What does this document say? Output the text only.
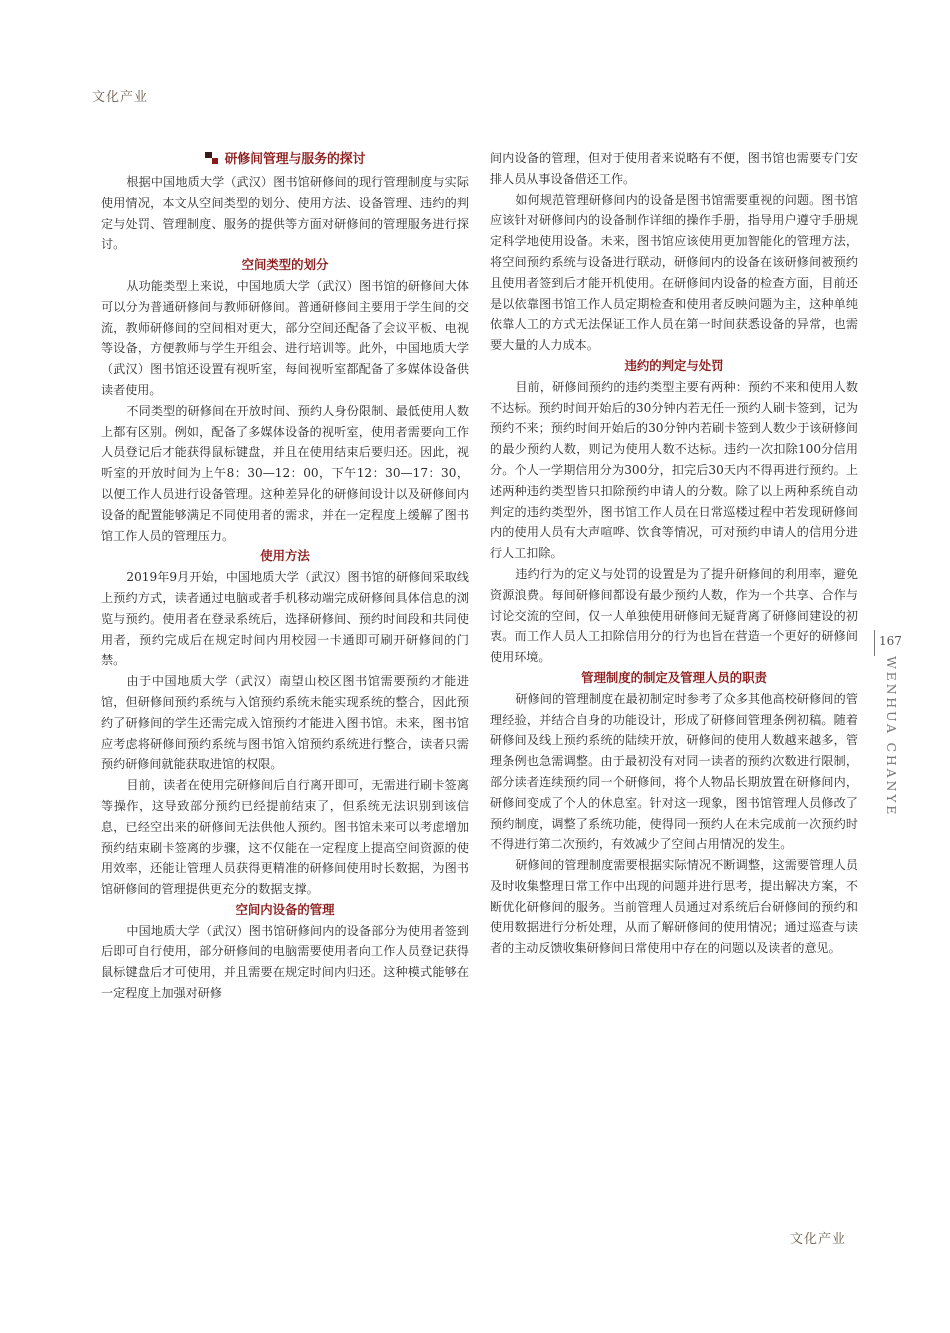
文化产业
研修间管理与服务的探讨

根据中国地质大学（武汉）图书馆研修间的现行管理制度与实际使用情况，本文从空间类型的划分、使用方法、设备管理、违约的判定与处罚、管理制度、服务的提供等方面对研修间的管理服务进行探讨。

空间类型的划分

从功能类型上来说，中国地质大学（武汉）图书馆的研修间大体可以分为普通研修间与教师研修间。普通研修间主要用于学生间的交流，教师研修间的空间相对更大，部分空间还配备了会议平板、电视等设备，方便教师与学生开组会、进行培训等。此外，中国地质大学（武汉）图书馆还设置有视听室，每间视听室都配备了多媒体设备供读者使用。

不同类型的研修间在开放时间、预约人身份限制、最低使用人数上都有区别。例如，配备了多媒体设备的视听室，使用者需要向工作人员登记后才能获得鼠标键盘，并且在使用结束后要归还。因此，视听室的开放时间为上午8：30—12：00，下午12：30—17：30，以便工作人员进行设备管理。这种差异化的研修间设计以及研修间内设备的配置能够满足不同使用者的需求，并在一定程度上缓解了图书馆工作人员的管理压力。

使用方法

2019年9月开始，中国地质大学（武汉）图书馆的研修间采取线上预约方式，读者通过电脑或者手机移动端完成研修间具体信息的浏览与预约。使用者在登录系统后，选择研修间、预约时间段和共同使用者，预约完成后在规定时间内用校园一卡通即可刷开研修间的门禁。

由于中国地质大学（武汉）南望山校区图书馆需要预约才能进馆，但研修间预约系统与入馆预约系统未能实现系统的整合，因此预约了研修间的学生还需完成入馆预约才能进入图书馆。未来，图书馆应考虑将研修间预约系统与图书馆入馆预约系统进行整合，读者只需预约研修间就能获取进馆的权限。

目前，读者在使用完研修间后自行离开即可，无需进行刷卡签离等操作，这导致部分预约已经提前结束了，但系统无法识别到该信息，已经空出来的研修间无法供他人预约。图书馆未来可以考虑增加预约结束刷卡签离的步骤，这不仅能在一定程度上提高空间资源的使用效率，还能让管理人员获得更精准的研修间使用时长数据，为图书馆研修间的管理提供更充分的数据支撑。

空间内设备的管理

中国地质大学（武汉）图书馆研修间内的设备部分为使用者签到后即可自行使用，部分研修间的电脑需要使用者向工作人员登记获得鼠标键盘后才可使用，并且需要在规定时间内归还。这种模式能够在一定程度上加强对研修

间内设备的管理，但对于使用者来说略有不便，图书馆也需要专门安排人员从事设备借还工作。

如何规范管理研修间内的设备是图书馆需要重视的问题。图书馆应该针对研修间内的设备制作详细的操作手册，指导用户遵守手册规定科学地使用设备。未来，图书馆应该使用更加智能化的管理方法，将空间预约系统与设备进行联动，研修间内的设备在该研修间被预约且使用者签到后才能开机使用。在研修间内设备的检查方面，目前还是以依靠图书馆工作人员定期检查和使用者反映问题为主，这种单纯依靠人工的方式无法保证工作人员在第一时间获悉设备的异常，也需要大量的人力成本。

违约的判定与处罚

目前，研修间预约的违约类型主要有两种：预约不来和使用人数不达标。预约时间开始后的30分钟内若无任一预约人刷卡签到，记为预约不来；预约时间开始后的30分钟内若刷卡签到人数少于该研修间的最少预约人数，则记为使用人数不达标。违约一次扣除100分信用分。个人一学期信用分为300分，扣完后30天内不得再进行预约。上述两种违约类型皆只扣除预约申请人的分数。除了以上两种系统自动判定的违约类型外，图书馆工作人员在日常巡楼过程中若发现研修间内的使用人员有大声喧哗、饮食等情况，可对预约申请人的信用分进行人工扣除。

违约行为的定义与处罚的设置是为了提升研修间的利用率，避免资源浪费。每间研修间都设有最少预约人数，作为一个共享、合作与讨论交流的空间，仅一人单独使用研修间无疑背离了研修间建设的初衷。而工作人员人工扣除信用分的行为也旨在营造一个更好的研修间使用环境。

管理制度的制定及管理人员的职责

研修间的管理制度在最初制定时参考了众多其他高校研修间的管理经验，并结合自身的功能设计，形成了研修间管理条例初稿。随着研修间及线上预约系统的陆续开放，研修间的使用人数越来越多，管理条例也急需调整。由于最初没有对同一读者的预约次数进行限制，部分读者连续预约同一个研修间，将个人物品长期放置在研修间内，研修间变成了个人的休息室。针对这一现象，图书馆管理人员修改了预约制度，调整了系统功能，使得同一预约人在未完成前一次预约时不得进行第二次预约，有效减少了空间占用情况的发生。

研修间的管理制度需要根据实际情况不断调整，这需要管理人员及时收集整理日常工作中出现的问题并进行思考，提出解决方案，不断优化研修间的服务。当前管理人员通过对系统后台研修间的预约和使用数据进行分析处理，从而了解研修间的使用情况；通过巡查与读者的主动反馈收集研修间日常使用中存在的问题以及读者的意见。

167
WENHUA CHANYE
文化产业
